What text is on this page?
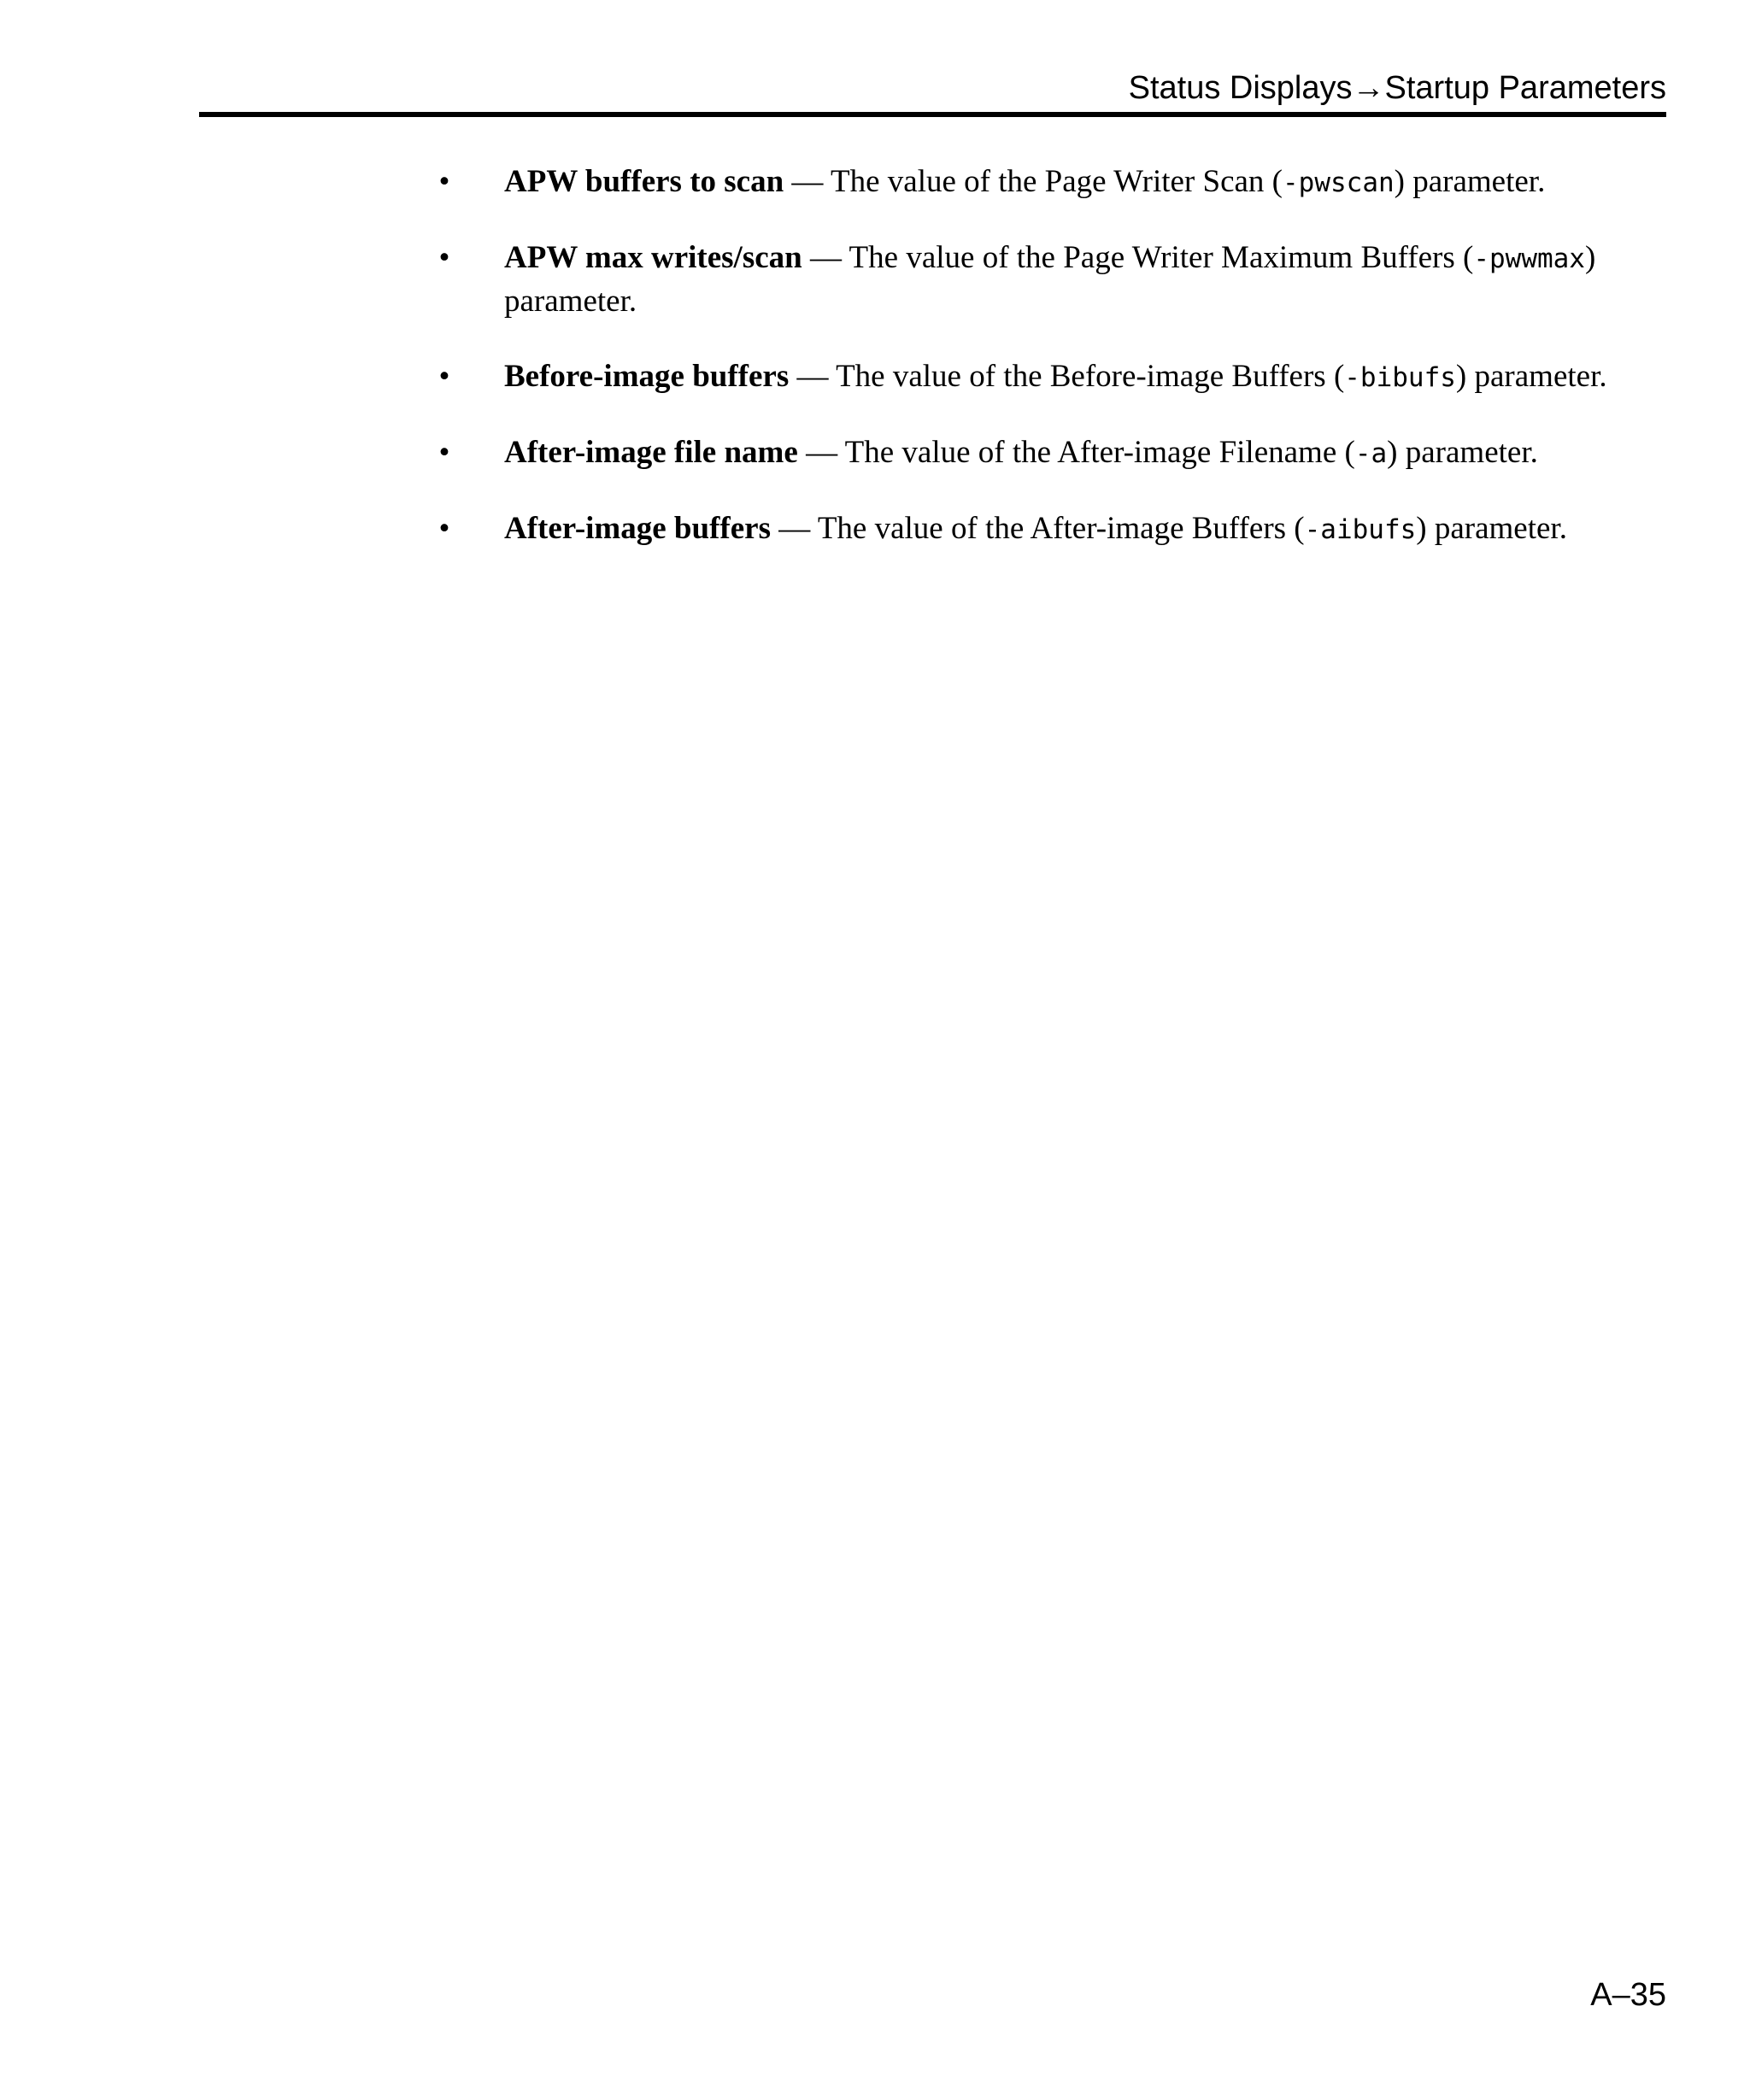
Status Displays→Startup Parameters
• APW buffers to scan — The value of the Page Writer Scan (-pwscan) parameter.
• APW max writes/scan — The value of the Page Writer Maximum Buffers (-pwwmax) parameter.
• Before-image buffers — The value of the Before-image Buffers (-bibufs) parameter.
• After-image file name — The value of the After-image Filename (-a) parameter.
• After-image buffers — The value of the After-image Buffers (-aibufs) parameter.
A–35
